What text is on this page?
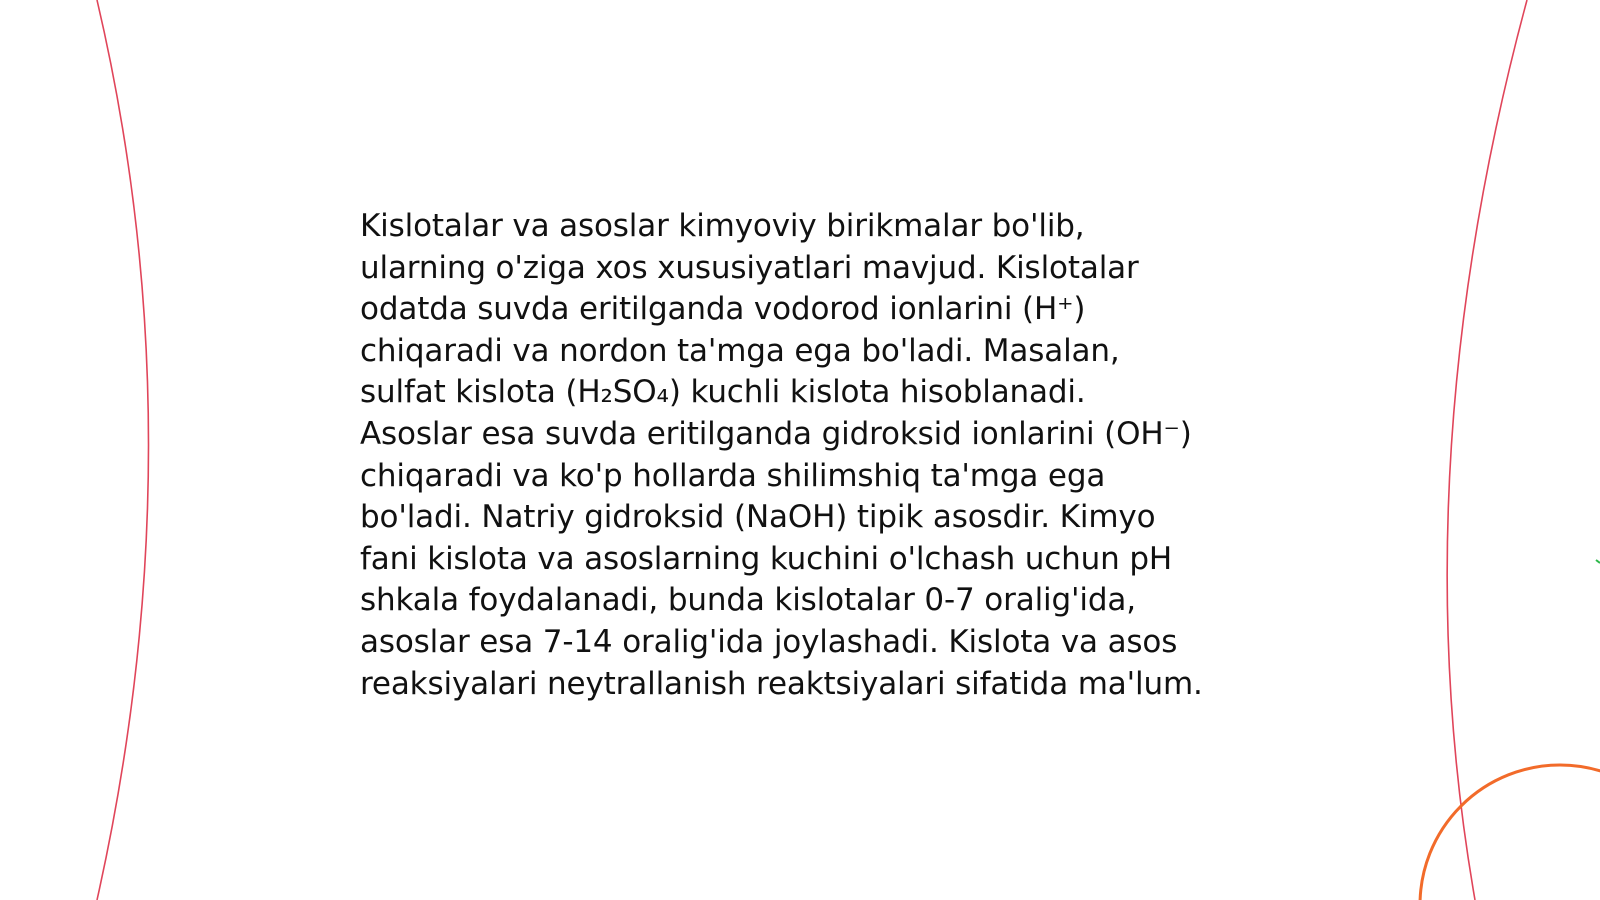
Kislotalar va asoslar kimyoviy birikmalar bo'lib,
ularning o'ziga xos xususiyatlari mavjud. Kislotalar
odatda suvda eritilganda vodorod ionlarini (H⁺)
chiqaradi va nordon ta'mga ega bo'ladi. Masalan,
sulfat kislota (H₂SO₄) kuchli kislota hisoblanadi.
Asoslar esa suvda eritilganda gidroksid ionlarini (OH⁻)
chiqaradi va ko'p hollarda shilimshiq ta'mga ega
bo'ladi. Natriy gidroksid (NaOH) tipik asosdir. Kimyo
fani kislota va asoslarning kuchini o'lchash uchun pH
shkala foydalanadi, bunda kislotalar 0-7 oralig'ida,
asoslar esa 7-14 oralig'ida joylashadi. Kislota va asos
reaksiyalari neytrallanish reaktsiyalari sifatida ma'lum.
